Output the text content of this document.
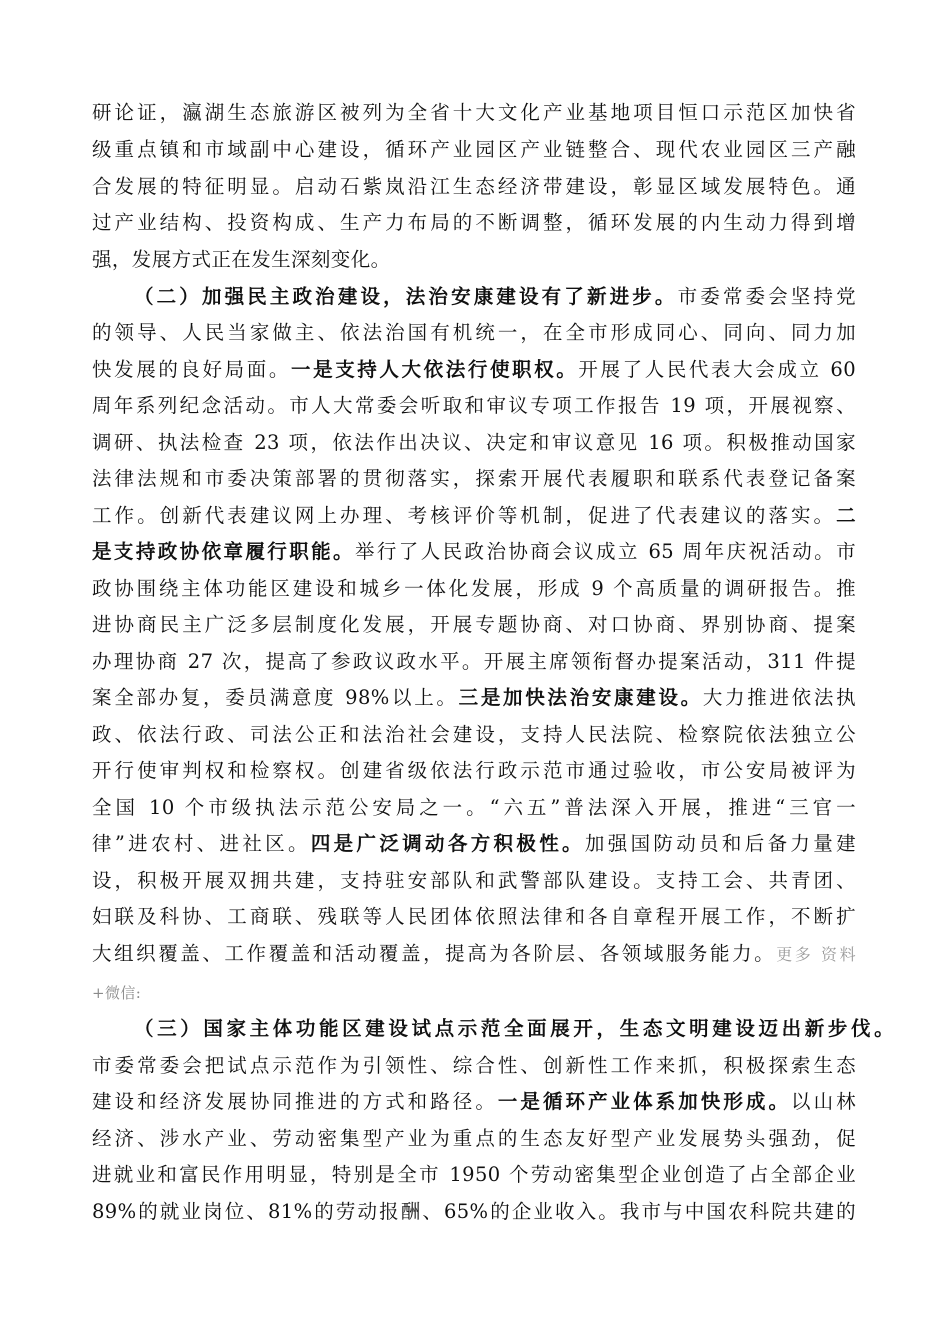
研论证，瀛湖生态旅游区被列为全省十大文化产业基地项目恒口示范区加快省
级重点镇和市域副中心建设，循环产业园区产业链整合、现代农业园区三产融
合发展的特征明显。启动石紫岚沿江生态经济带建设，彰显区域发展特色。通
过产业结构、投资构成、生产力布局的不断调整，循环发展的内生动力得到增
强，发展方式正在发生深刻变化。
（二）加强民主政治建设，法治安康建设有了新进步。市委常委会坚持党
的领导、人民当家做主、依法治国有机统一，在全市形成同心、同向、同力加
快发展的良好局面。一是支持人大依法行使职权。开展了人民代表大会成立 60
周年系列纪念活动。市人大常委会听取和审议专项工作报告 19 项，开展视察、
调研、执法检查 23 项，依法作出决议、决定和审议意见 16 项。积极推动国家
法律法规和市委决策部署的贯彻落实，探索开展代表履职和联系代表登记备案
工作。创新代表建议网上办理、考核评价等机制，促进了代表建议的落实。二
是支持政协依章履行职能。举行了人民政治协商会议成立 65 周年庆祝活动。市
政协围绕主体功能区建设和城乡一体化发展，形成 9 个高质量的调研报告。推
进协商民主广泛多层制度化发展，开展专题协商、对口协商、界别协商、提案
办理协商 27 次，提高了参政议政水平。开展主席领衔督办提案活动，311 件提
案全部办复，委员满意度 98%以上。三是加快法治安康建设。大力推进依法执
政、依法行政、司法公正和法治社会建设，支持人民法院、检察院依法独立公
开行使审判权和检察权。创建省级依法行政示范市通过验收，市公安局被评为
全国 10 个市级执法示范公安局之一。“六五”普法深入开展，推进“三官一
律”进农村、进社区。四是广泛调动各方积极性。加强国防动员和后备力量建
设，积极开展双拥共建，支持驻安部队和武警部队建设。支持工会、共青团、
妇联及科协、工商联、残联等人民团体依照法律和各自章程开展工作，不断扩
大组织覆盖、工作覆盖和活动覆盖，提高为各阶层、各领域服务能力。更多 资料
+微信:
（三）国家主体功能区建设试点示范全面展开，生态文明建设迈出新步伐。
市委常委会把试点示范作为引领性、综合性、创新性工作来抓，积极探索生态
建设和经济发展协同推进的方式和路径。一是循环产业体系加快形成。以山林
经济、涉水产业、劳动密集型产业为重点的生态友好型产业发展势头强劲，促
进就业和富民作用明显，特别是全市 1950 个劳动密集型企业创造了占全部企业
89%的就业岗位、81%的劳动报酬、65%的企业收入。我市与中国农科院共建的
